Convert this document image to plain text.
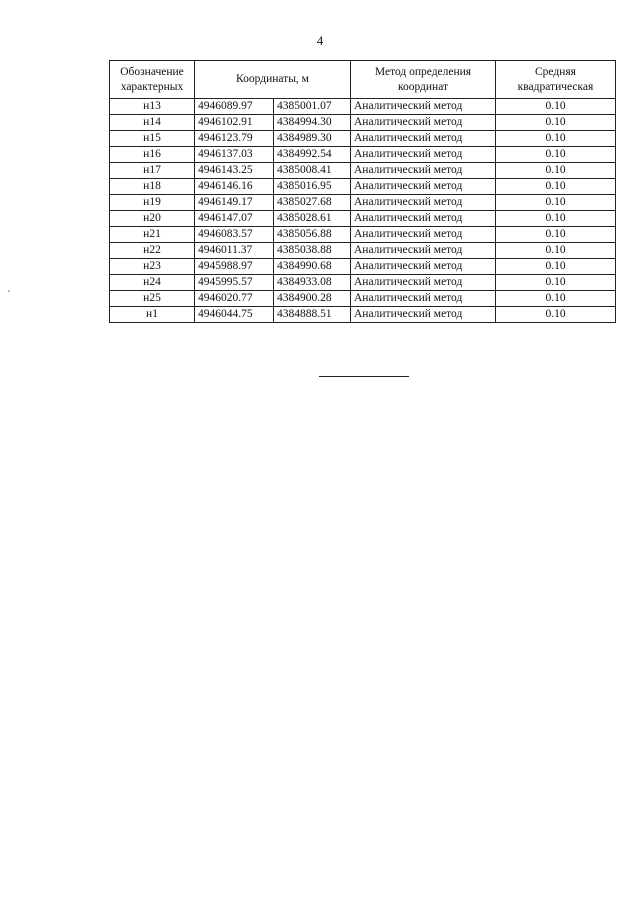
4
Обозначение характерных	Координаты, м		Метод определения координат	Средняя квадратическая
н13	4946089.97	4385001.07	Аналитический метод	0.10
н14	4946102.91	4384994.30	Аналитический метод	0.10
н15	4946123.79	4384989.30	Аналитический метод	0.10
н16	4946137.03	4384992.54	Аналитический метод	0.10
н17	4946143.25	4385008.41	Аналитический метод	0.10
н18	4946146.16	4385016.95	Аналитический метод	0.10
н19	4946149.17	4385027.68	Аналитический метод	0.10
н20	4946147.07	4385028.61	Аналитический метод	0.10
н21	4946083.57	4385056.88	Аналитический метод	0.10
н22	4946011.37	4385038.88	Аналитический метод	0.10
н23	4945988.97	4384990.68	Аналитический метод	0.10
н24	4945995.57	4384933.08	Аналитический метод	0.10
н25	4946020.77	4384900.28	Аналитический метод	0.10
н1	4946044.75	4384888.51	Аналитический метод	0.10
